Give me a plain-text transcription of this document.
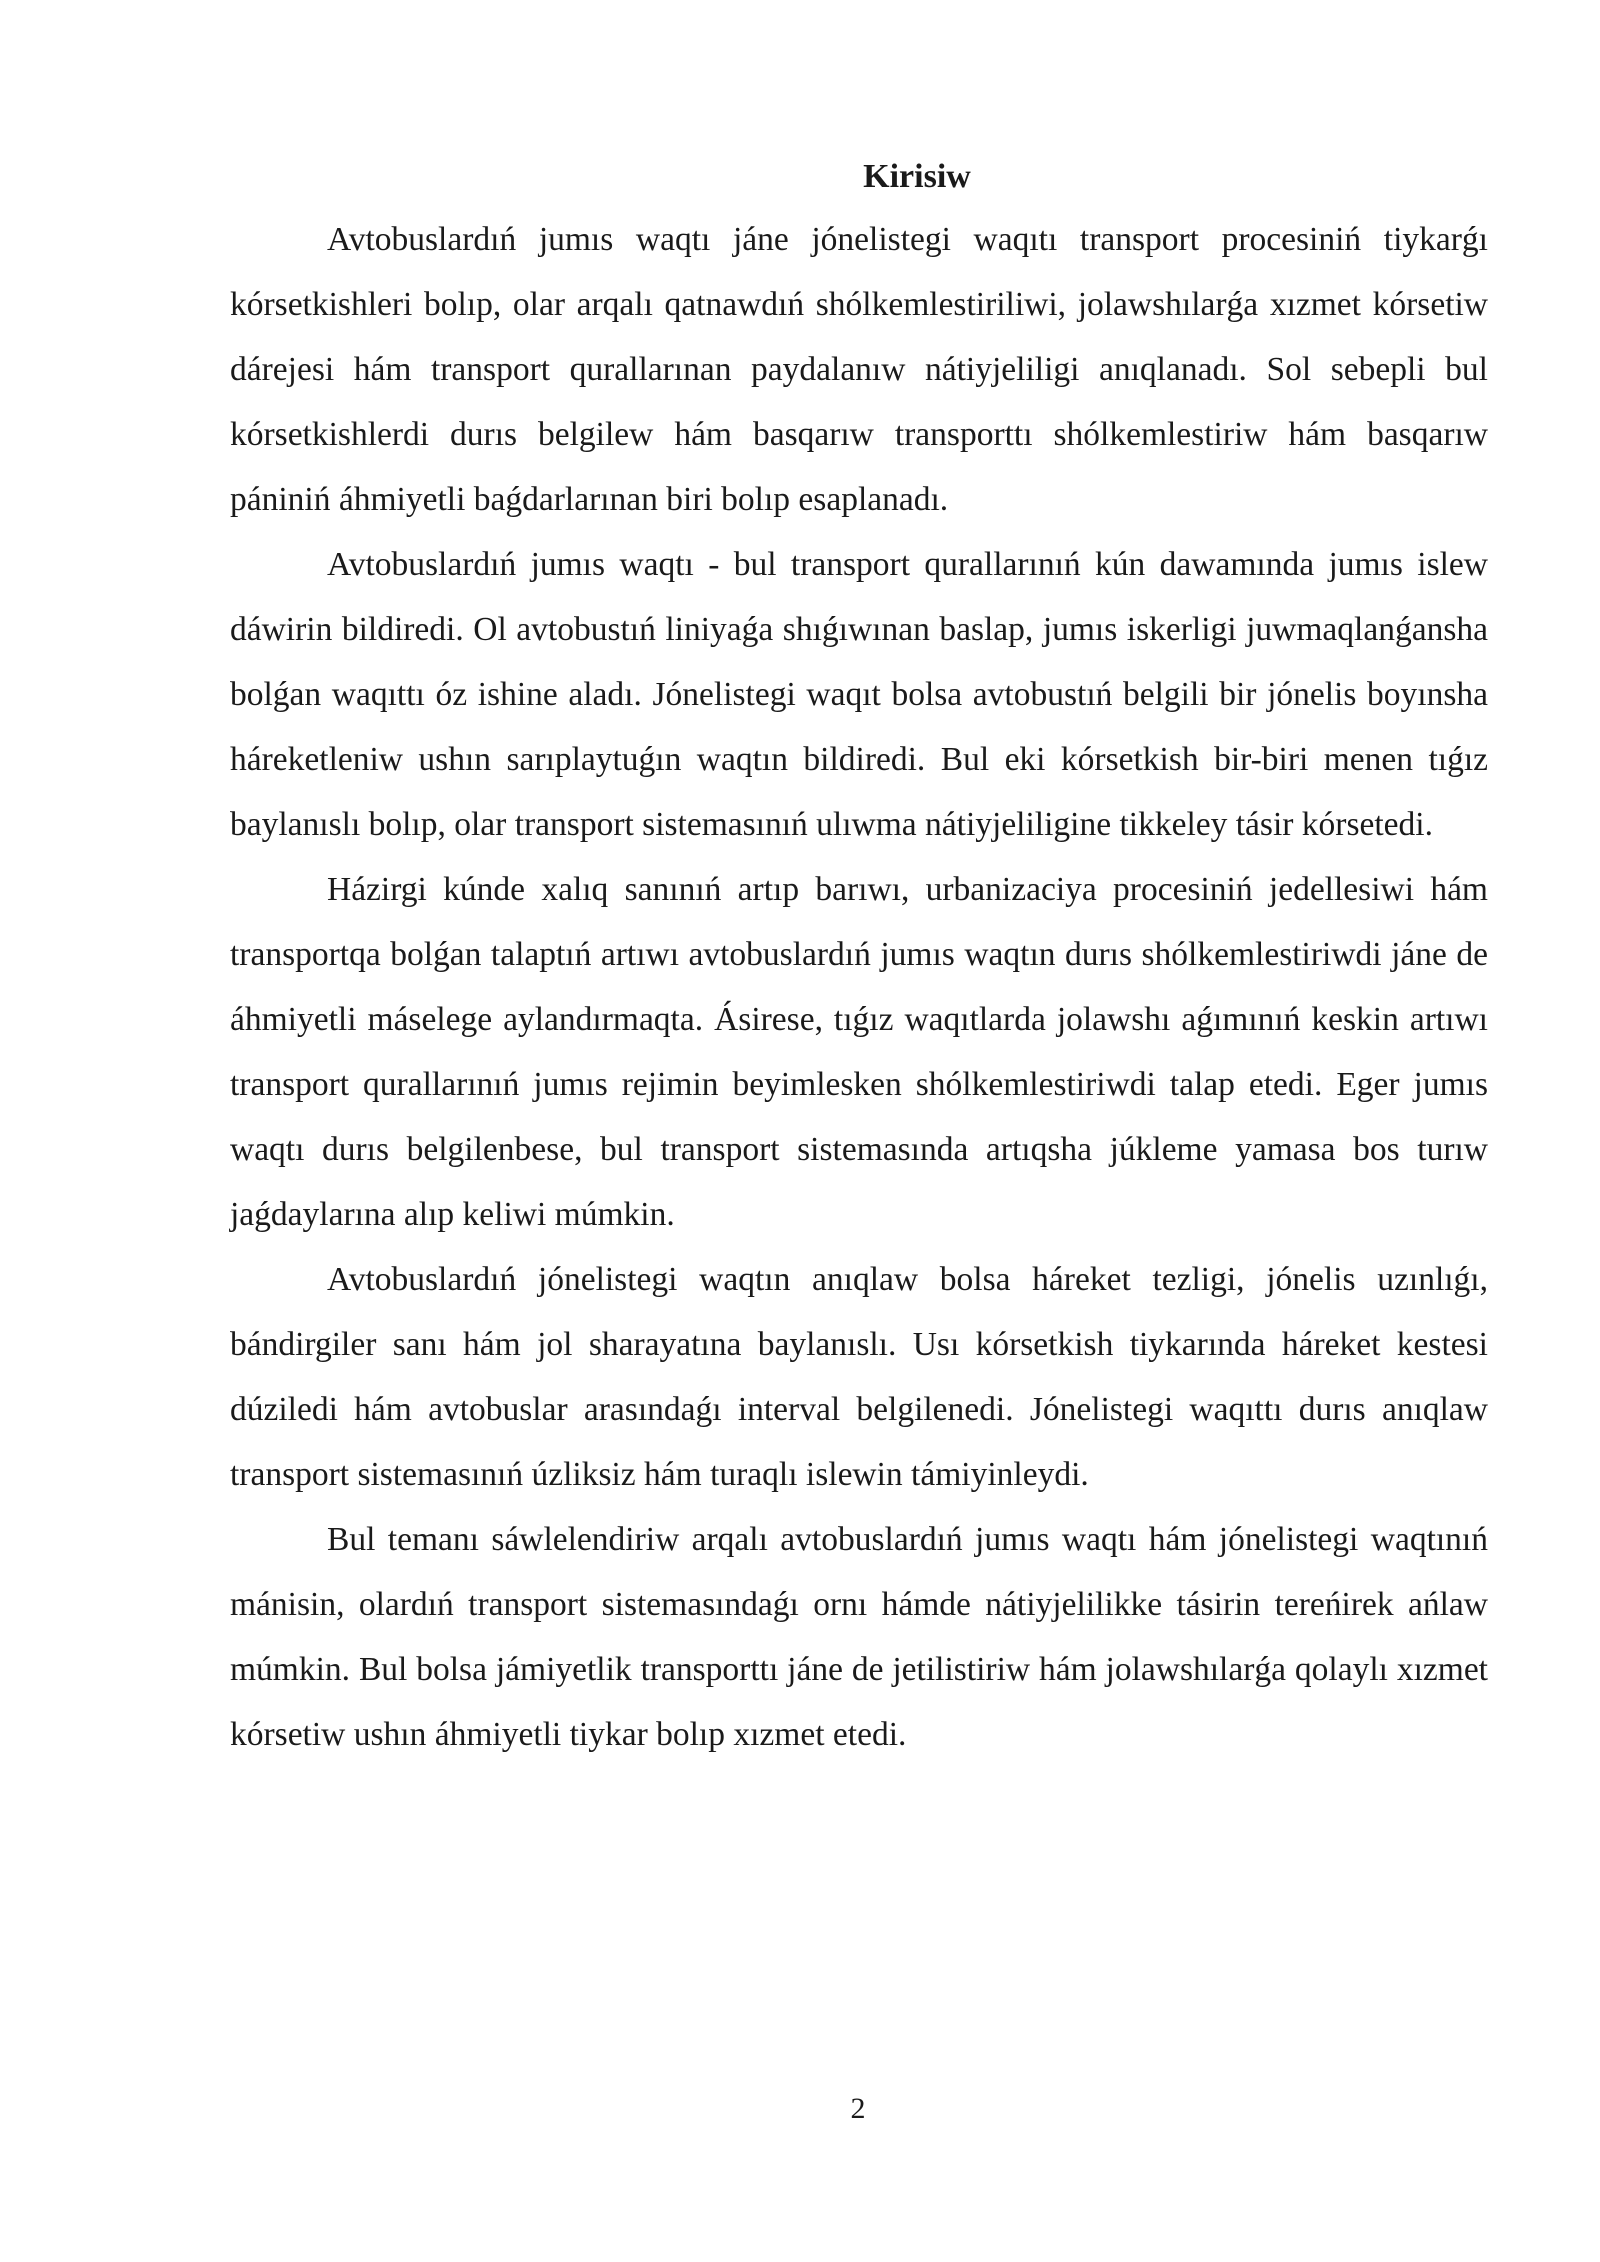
Kirisiw

Avtobuslardıń jumıs waqtı jáne jónelistegi waqıtı transport procesiniń tiykarǵı kórsetkishleri bolıp, olar arqalı qatnawdıń shólkemlestiriliwi, jolawshılarǵa xızmet kórsetiw dárejesi hám transport qurallarınan paydalanıw nátiyjeliligi anıqlanadı. Sol sebepli bul kórsetkishlerdi durıs belgilew hám basqarıw transporttı shólkemlestiriw hám basqarıw pániniń áhmiyetli baǵdarlarınan biri bolıp esaplanadı.

Avtobuslardıń jumıs waqtı - bul transport qurallarınıń kún dawamında jumıs islew dáwirin bildiredi. Ol avtobustıń liniyaǵa shıǵıwınan baslap, jumıs iskerligi juwmaqlanǵansha bolǵan waqıttı óz ishine aladı. Jónelistegi waqıt bolsa avtobustıń belgili bir jónelis boyınsha háreketleniw ushın sarıplaytuǵın waqtın bildiredi. Bul eki kórsetkish bir-biri menen tıǵız baylanıslı bolıp, olar transport sistemasınıń ulıwma nátiyjeliligine tikkeley tásir kórsetedi.

Házirgi kúnde xalıq sanınıń artıp barıwı, urbanizaciya procesiniń jedellesiwi hám transportqa bolǵan talaptıń artıwı avtobuslardıń jumıs waqtın durıs shólkemlestiriwdi jáne de áhmiyetli máselege aylandırmaqta. Ásirese, tıǵız waqıtlarda jolawshı aǵımınıń keskin artıwı transport qurallarınıń jumıs rejimin beyimlesken shólkemlestiriwdi talap etedi. Eger jumıs waqtı durıs belgilenbese, bul transport sistemasında artıqsha júkleme yamasa bos turıw jaǵdaylarına alıp keliwi múmkin.

Avtobuslardıń jónelistegi waqtın anıqlaw bolsa háreket tezligi, jónelis uzınlıǵı, bándirgiler sanı hám jol sharayatına baylanıslı. Usı kórsetkish tiykarında háreket kestesi dúziledi hám avtobuslar arasındaǵı interval belgilenedi. Jónelistegi waqıttı durıs anıqlaw transport sistemasınıń úzliksiz hám turaqlı islewin támiyinleydi.

Bul temanı sáwlelendiriw arqalı avtobuslardıń jumıs waqtı hám jónelistegi waqtınıń mánisin, olardıń transport sistemasındaǵı ornı hámde nátiyjelilikke tásirin tereńirek ańlaw múmkin. Bul bolsa jámiyetlik transporttı jáne de jetilistiriw hám jolawshılarǵa qolaylı xızmet kórsetiw ushın áhmiyetli tiykar bolıp xızmet etedi.

2
